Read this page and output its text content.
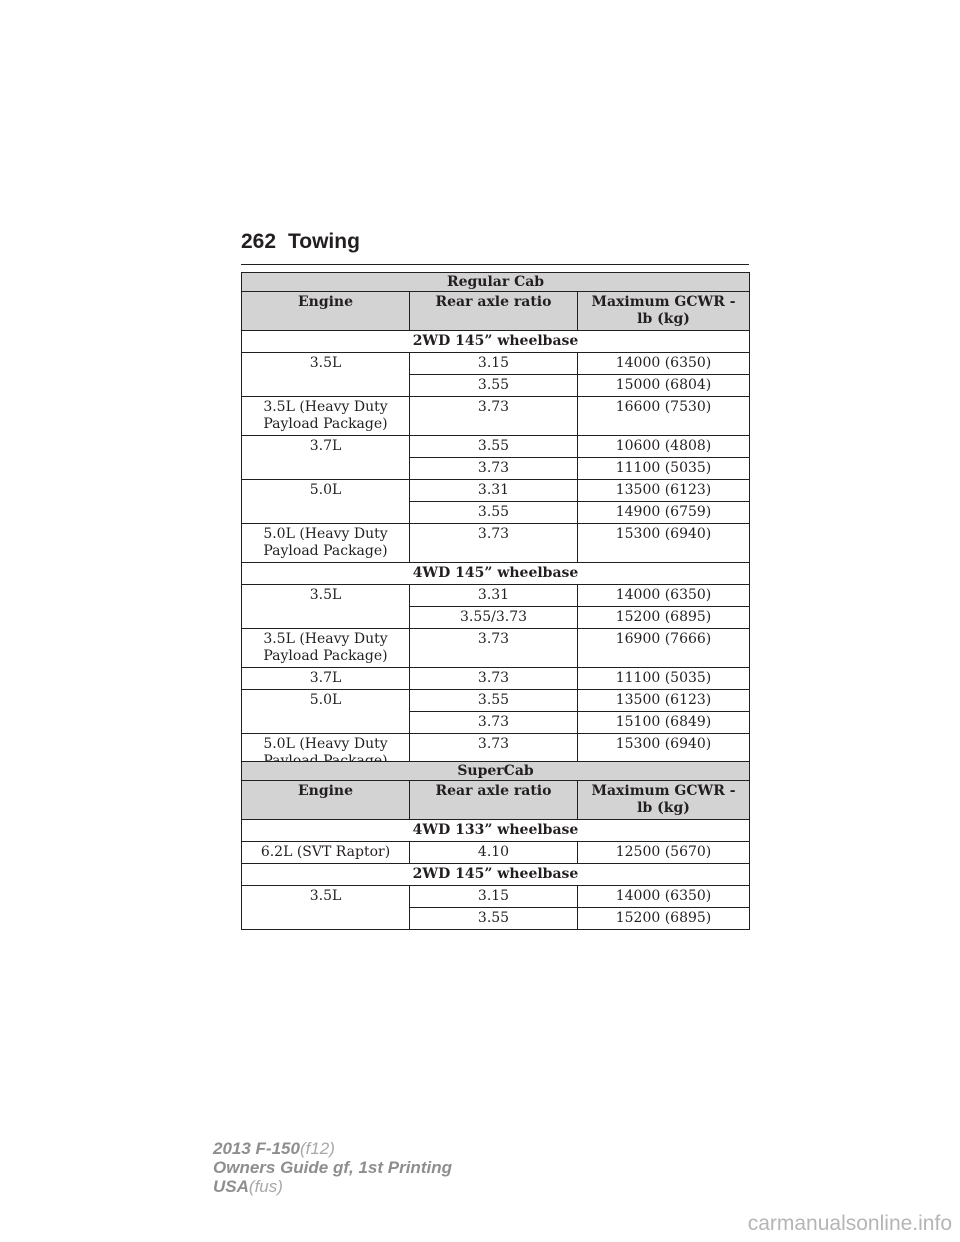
262 Towing
Regular Cab		
Engine	Rear axle ratio	Maximum GCWR - lb (kg)
2WD 145” wheelbase		
3.5L	3.15	14000 (6350)
	3.55	15000 (6804)
3.5L (Heavy Duty Payload Package)	3.73	16600 (7530)
3.7L	3.55	10600 (4808)
	3.73	11100 (5035)
5.0L	3.31	13500 (6123)
	3.55	14900 (6759)
5.0L (Heavy Duty Payload Package)	3.73	15300 (6940)
4WD 145” wheelbase		
3.5L	3.31	14000 (6350)
	3.55/3.73	15200 (6895)
3.5L (Heavy Duty Payload Package)	3.73	16900 (7666)
3.7L	3.73	11100 (5035)
5.0L	3.55	13500 (6123)
	3.73	15100 (6849)
5.0L (Heavy Duty	3.73	15300 (6940)
SuperCab		
Engine	Rear axle ratio	Maximum GCWR - lb (kg)
4WD 133” wheelbase		
6.2L (SVT Raptor)	4.10	12500 (5670)
2WD 145” wheelbase		
3.5L	3.15	14000 (6350)
	3.55	15200 (6895)
2013 F-150(f12)
Owners Guide gf, 1st Printing
USA(fus)
carmanualsonline.info
